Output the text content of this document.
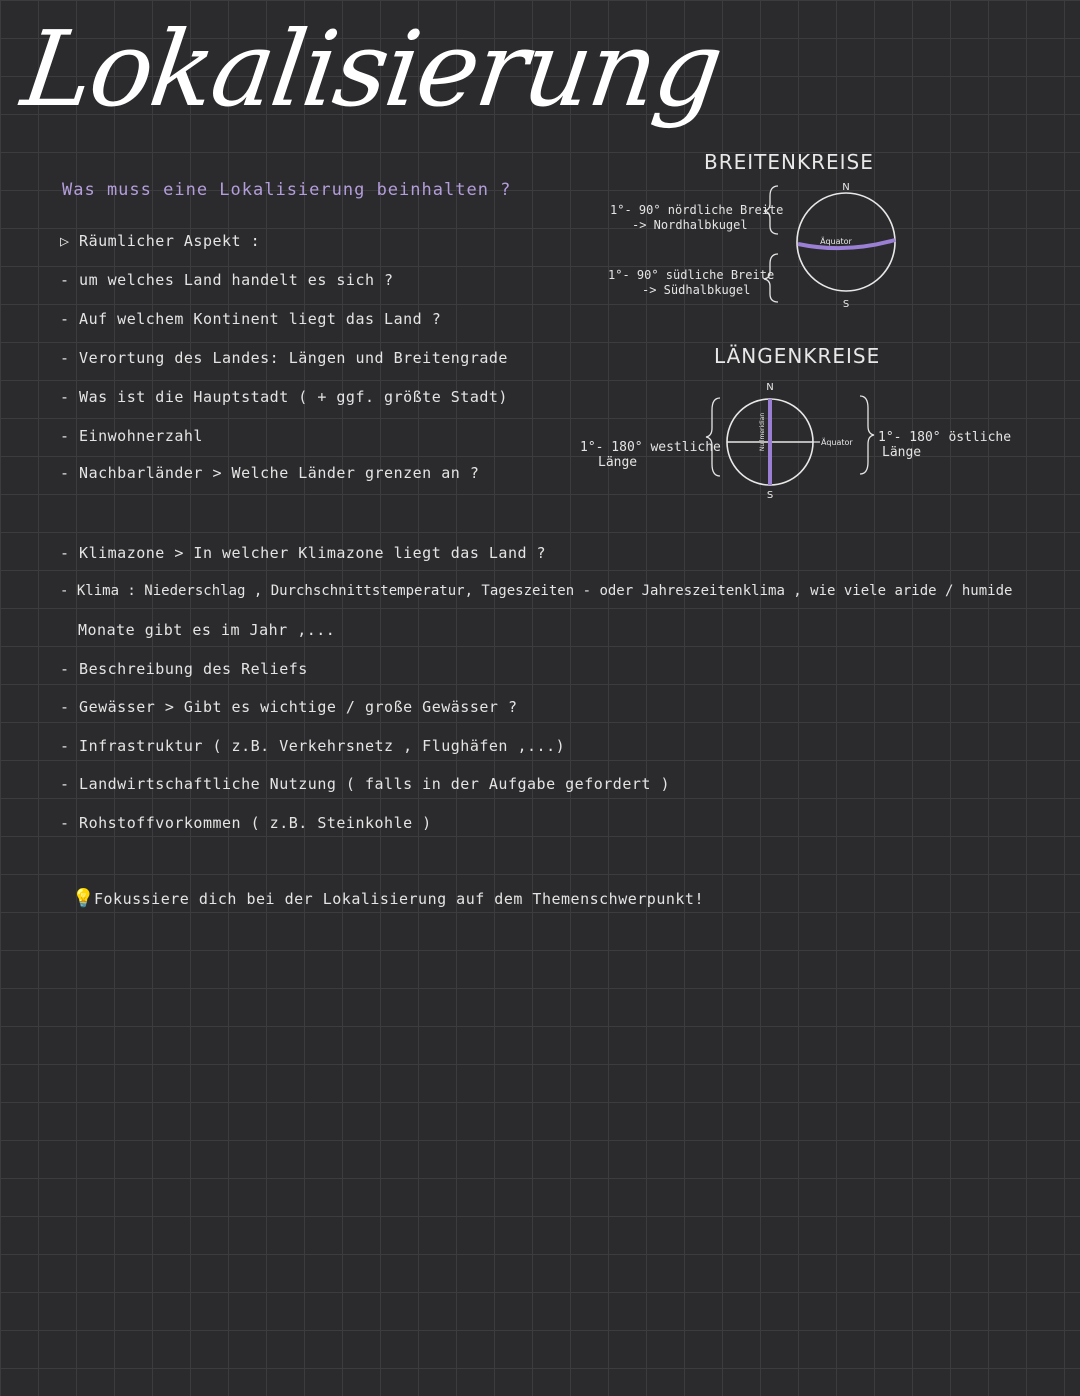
Lokalisierung
Was muss eine Lokalisierung beinhalten ?
▷ Räumlicher Aspekt :
- um welches Land handelt es sich ?
- Auf welchem Kontinent liegt das Land ?
- Verortung des Landes: Längen und Breitengrade
- Was ist die Hauptstadt ( + ggf. größte Stadt)
- Einwohnerzahl
- Nachbarländer > Welche Länder grenzen an ?
- Klimazone > In welcher Klimazone liegt das Land ?
- Klima : Niederschlag , Durchschnittstemperatur, Tageszeiten - oder Jahreszeitenklima , wie viele aride / humide
Monate gibt es im Jahr ,...
- Beschreibung des Reliefs
- Gewässer > Gibt es wichtige / große Gewässer ?
- Infrastruktur ( z.B. Verkehrsnetz , Flughäfen ,...)
- Landwirtschaftliche Nutzung ( falls in der Aufgabe gefordert )
- Rohstoffvorkommen ( z.B. Steinkohle )
💡Fokussiere dich bei der Lokalisierung auf dem Themenschwerpunkt!
BREITENKREISE
1°- 90° nördliche Breite
-> Nordhalbkugel
1°- 90° südliche Breite
-> Südhalbkugel
N
S
Äquator
LÄNGENKREISE
1°- 180° westliche
Länge
1°- 180° östliche
Länge
N
S
Äquator
Nullmeridian
